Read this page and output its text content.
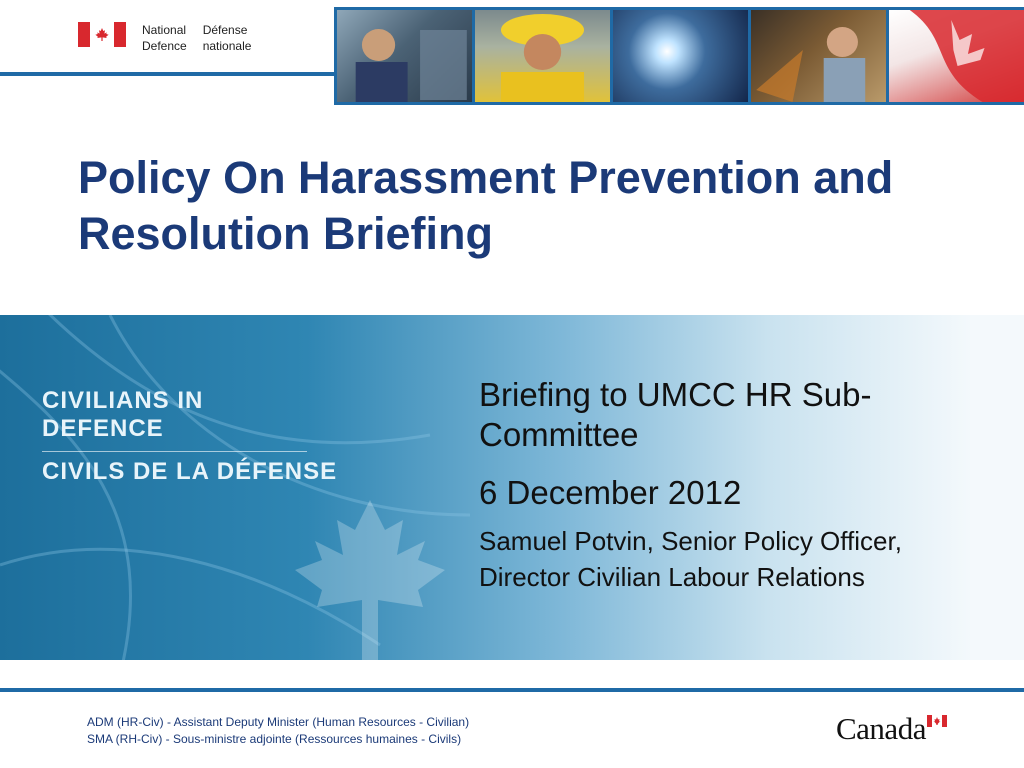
National
Defence
Défense
nationale
Policy On Harassment Prevention and Resolution Briefing
CIVILIANS IN DEFENCE
CIVILS DE LA DÉFENSE
Briefing to UMCC HR Sub-Committee
6 December 2012
Samuel Potvin, Senior Policy Officer, Director Civilian Labour Relations
ADM (HR-Civ) - Assistant Deputy Minister (Human Resources - Civilian)
SMA (RH-Civ) - Sous-ministre adjointe (Ressources humaines - Civils)	Canada
